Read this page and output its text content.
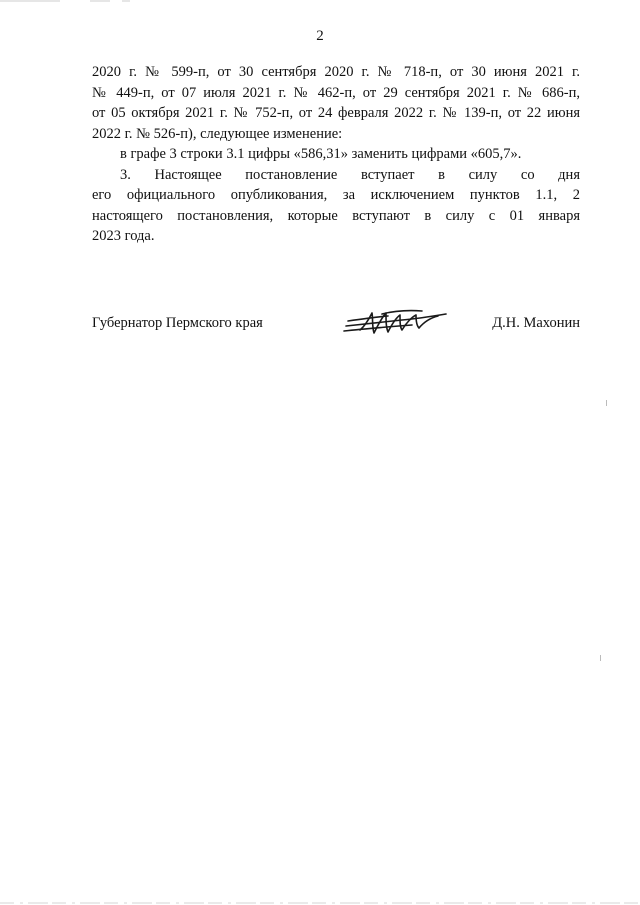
2
2020 г. № 599-п, от 30 сентября 2020 г. № 718-п, от 30 июня 2021 г.
№ 449-п, от 07 июля 2021 г. № 462-п, от 29 сентября 2021 г. № 686-п,
от 05 октября 2021 г. № 752-п, от 24 февраля 2022 г. № 139-п, от 22 июня
2022 г. № 526-п), следующее изменение:
в графе 3 строки 3.1 цифры «586,31» заменить цифрами «605,7».
3. Настоящее постановление вступает в силу со дня
его официального опубликования, за исключением пунктов 1.1, 2
настоящего постановления, которые вступают в силу с 01 января
2023 года.
Губернатор Пермского края	Д.Н. Махонин
